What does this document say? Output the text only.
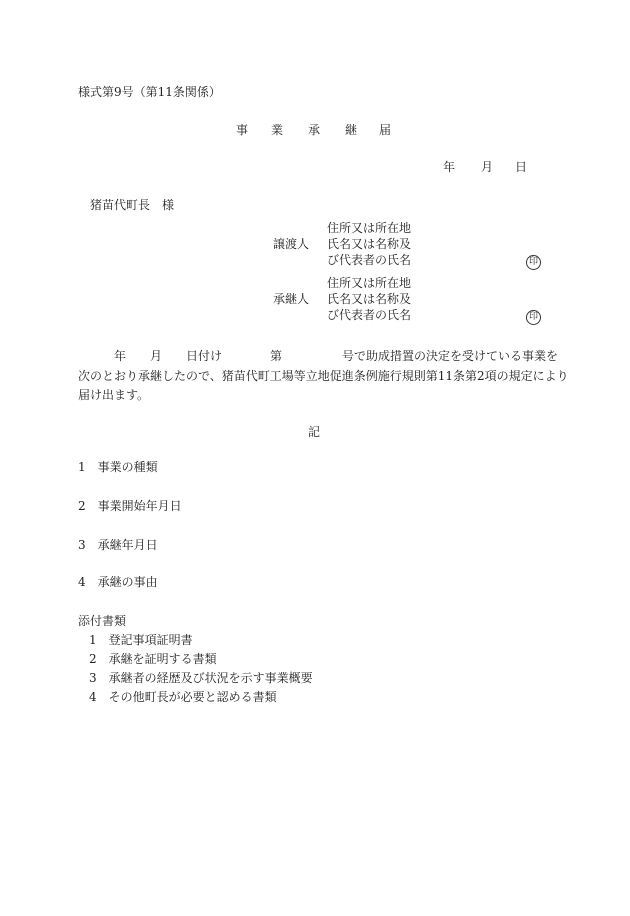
様式第9号（第11条関係）
事 業 承 継 届
年 月 日
猪苗代町長　様
譲渡人
住所又は所在地
氏名又は名称及
び代表者の氏名	印
承継人
住所又は所在地
氏名又は名称及
び代表者の氏名	印
　　　年　　月　　日付け　　　　第　　　　　号で助成措置の決定を受けている事業を
次のとおり承継したので、猪苗代町工場等立地促進条例施行規則第11条第2項の規定により
届け出ます。
記
1　事業の種類
2　事業開始年月日
3　承継年月日
4　承継の事由
添付書類
1　登記事項証明書
2　承継を証明する書類
3　承継者の経歴及び状況を示す事業概要
4　その他町長が必要と認める書類
